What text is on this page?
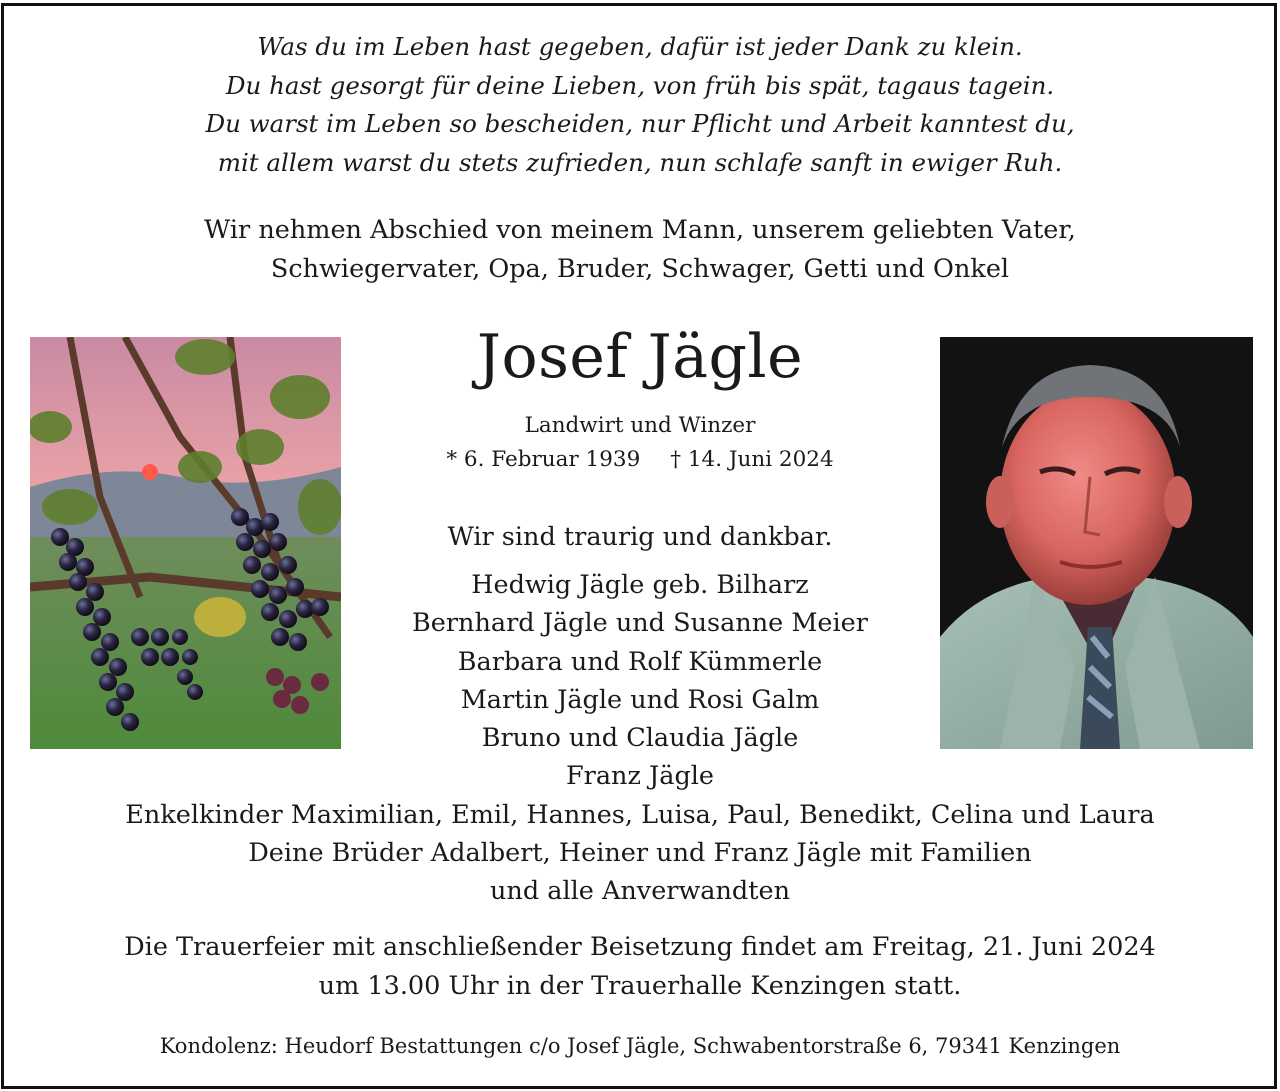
Was du im Leben hast gegeben, dafür ist jeder Dank zu klein.
Du hast gesorgt für deine Lieben, von früh bis spät, tagaus tagein.
Du warst im Leben so bescheiden, nur Pflicht und Arbeit kanntest du,
mit allem warst du stets zufrieden, nun schlafe sanft in ewiger Ruh.
Wir nehmen Abschied von meinem Mann, unserem geliebten Vater,
Schwiegervater, Opa, Bruder, Schwager, Getti und Onkel
Josef Jägle
Landwirt und Winzer
* 6. Februar 1939 † 14. Juni 2024
Wir sind traurig und dankbar.
Hedwig Jägle geb. Bilharz
Bernhard Jägle und Susanne Meier
Barbara und Rolf Kümmerle
Martin Jägle und Rosi Galm
Bruno und Claudia Jägle
Franz Jägle
Enkelkinder Maximilian, Emil, Hannes, Luisa, Paul, Benedikt, Celina und Laura
Deine Brüder Adalbert, Heiner und Franz Jägle mit Familien
und alle Anverwandten
Die Trauerfeier mit anschließender Beisetzung findet am Freitag, 21. Juni 2024
um 13.00 Uhr in der Trauerhalle Kenzingen statt.
Kondolenz: Heudorf Bestattungen c/o Josef Jägle, Schwabentorstraße 6, 79341 Kenzingen
